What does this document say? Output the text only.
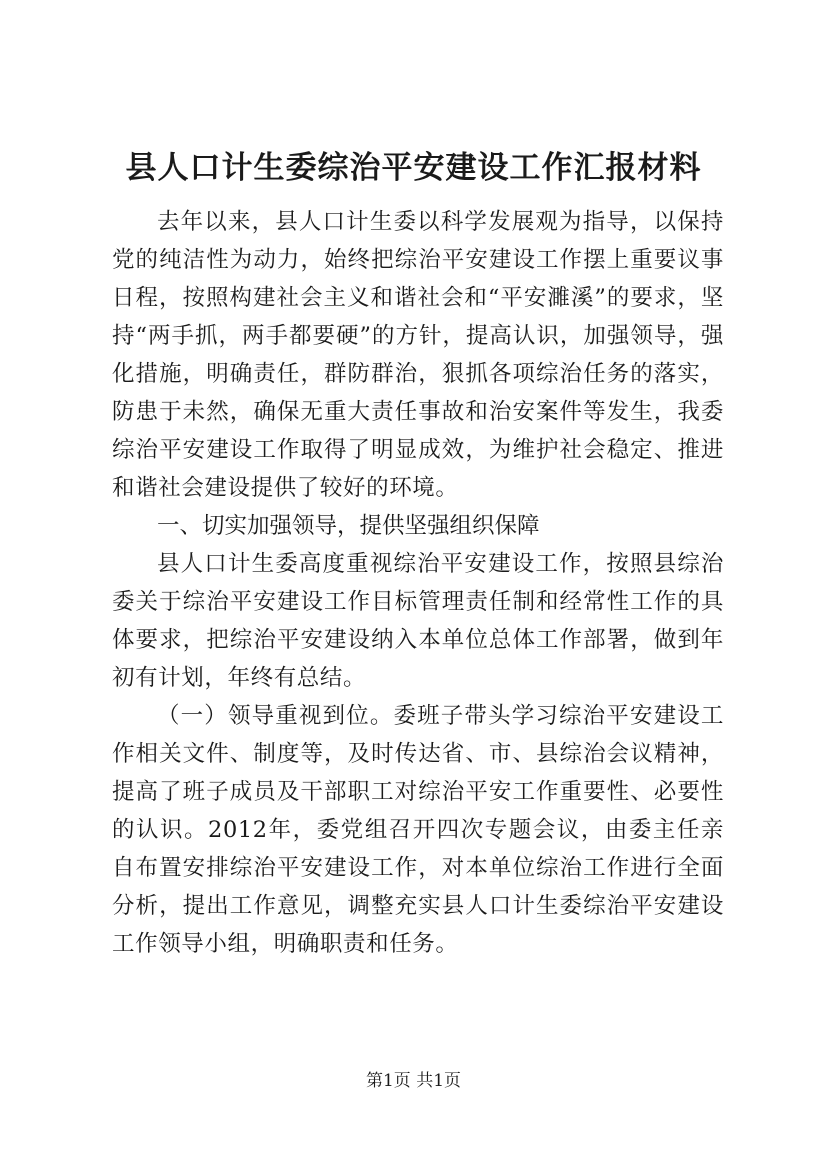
县人口计生委综治平安建设工作汇报材料

去年以来，县人口计生委以科学发展观为指导，以保持党的纯洁性为动力，始终把综治平安建设工作摆上重要议事日程，按照构建社会主义和谐社会和“平安濉溪”的要求，坚持“两手抓，两手都要硬”的方针，提高认识，加强领导，强化措施，明确责任，群防群治，狠抓各项综治任务的落实，防患于未然，确保无重大责任事故和治安案件等发生，我委综治平安建设工作取得了明显成效，为维护社会稳定、推进和谐社会建设提供了较好的环境。

一、切实加强领导，提供坚强组织保障

县人口计生委高度重视综治平安建设工作，按照县综治委关于综治平安建设工作目标管理责任制和经常性工作的具体要求，把综治平安建设纳入本单位总体工作部署，做到年初有计划，年终有总结。

（一）领导重视到位。委班子带头学习综治平安建设工作相关文件、制度等，及时传达省、市、县综治会议精神，提高了班子成员及干部职工对综治平安工作重要性、必要性的认识。2012年，委党组召开四次专题会议，由委主任亲自布置安排综治平安建设工作，对本单位综治工作进行全面分析，提出工作意见，调整充实县人口计生委综治平安建设工作领导小组，明确职责和任务。

第1页 共1页
